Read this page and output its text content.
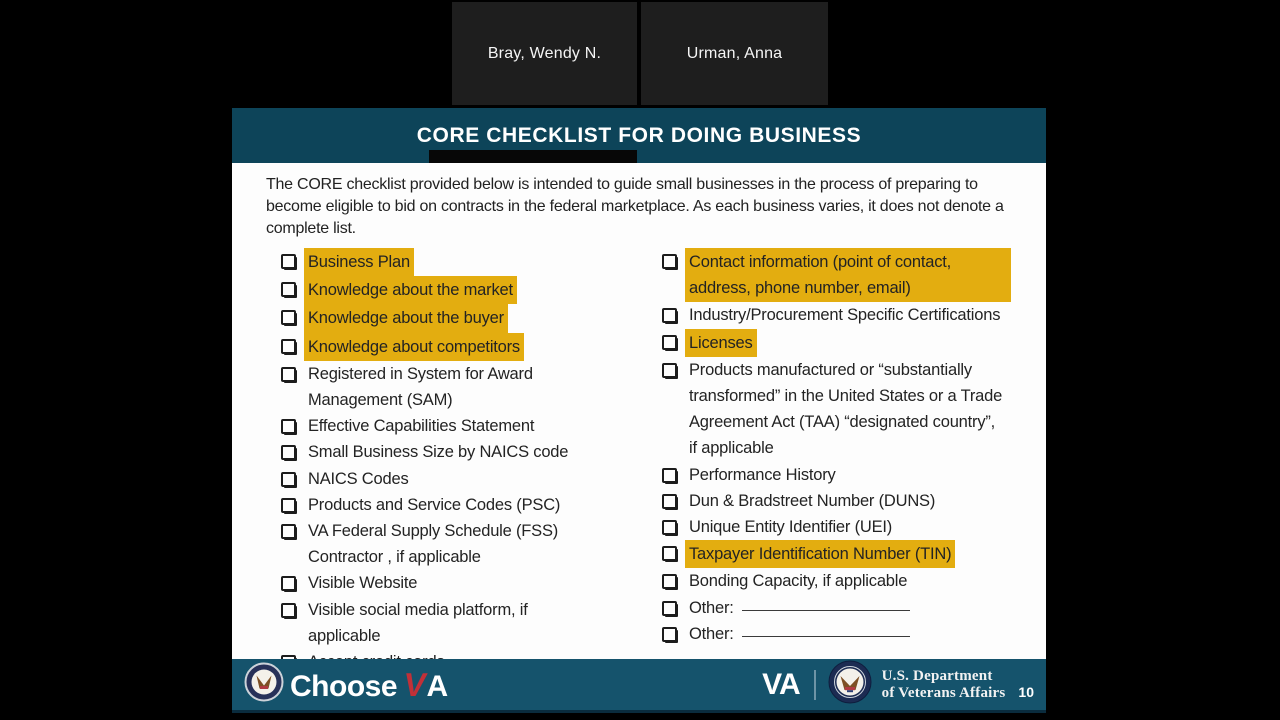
Bray, Wendy N.	Urman, Anna
CORE CHECKLIST FOR DOING BUSINESS

The CORE checklist provided below is intended to guide small businesses in the process of preparing to become eligible to bid on contracts in the federal marketplace. As each business varies, it does not denote a complete list.

Business Plan
Knowledge about the market
Knowledge about the buyer
Knowledge about competitors
Registered in System for Award Management (SAM)
Effective Capabilities Statement
Small Business Size by NAICS code
NAICS Codes
Products and Service Codes (PSC)
VA Federal Supply Schedule (FSS) Contractor , if applicable
Visible Website
Visible social media platform, if applicable
Contact information (point of contact, address, phone number, email)
Industry/Procurement Specific Certifications
Licenses
Products manufactured or “substantially transformed” in the United States or a Trade Agreement Act (TAA) “designated country”, if applicable
Performance History
Dun & Bradstreet Number (DUNS)
Unique Entity Identifier (UEI)
Taxpayer Identification Number (TIN)
Bonding Capacity, if applicable
Other:
Other:
Choose VA	VA	U.S. Department
of Veterans Affairs 10
